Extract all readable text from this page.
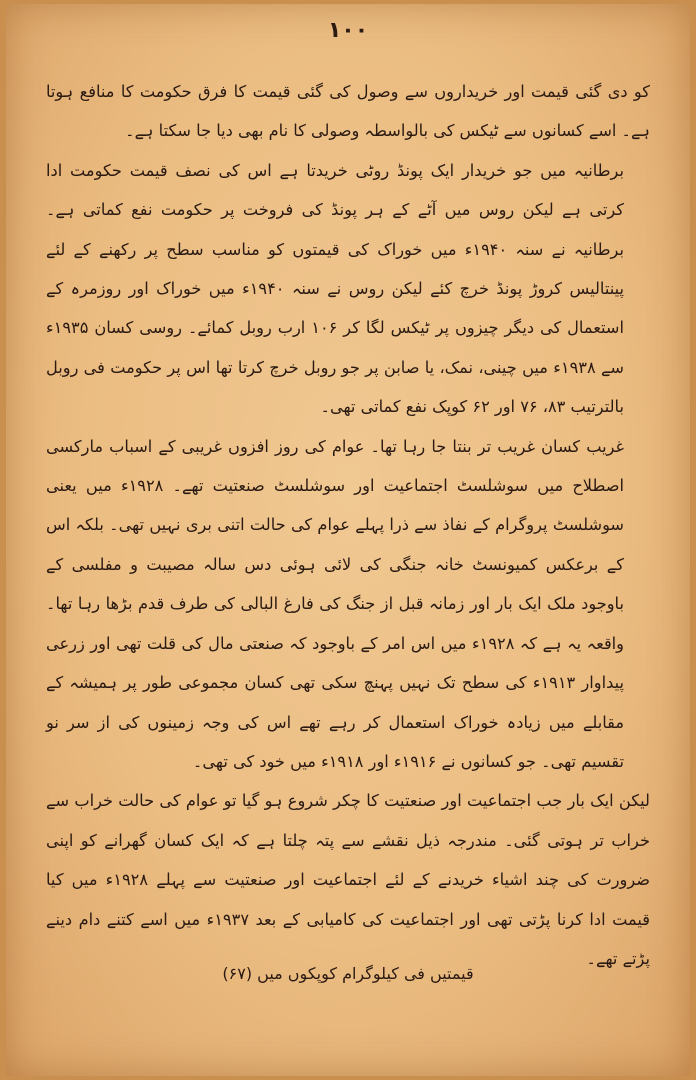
۱۰۰

کو دی گئی قیمت اور خریداروں سے وصول کی گئی قیمت کا فرق حکومت کا منافع ہوتا ہے۔ اسے کسانوں سے ٹیکس کی بالواسطہ وصولی کا نام بھی دیا جا سکتا ہے۔

برطانیہ میں جو خریدار ایک پونڈ روٹی خریدتا ہے اس کی نصف قیمت حکومت ادا کرتی ہے لیکن روس میں آٹے کے ہر پونڈ کی فروخت پر حکومت نفع کماتی ہے۔ برطانیہ نے سنہ ۱۹۴۰ء میں خوراک کی قیمتوں کو مناسب سطح پر رکھنے کے لئے پینتالیس کروڑ پونڈ خرچ کئے لیکن روس نے سنہ ۱۹۴۰ء میں خوراک اور روزمرہ کے استعمال کی دیگر چیزوں پر ٹیکس لگا کر ۱۰۶ ارب روبل کمائے۔ روسی کسان ۱۹۳۵ء سے ۱۹۳۸ء میں چینی، نمک، یا صابن پر جو روبل خرچ کرتا تھا اس پر حکومت فی روبل بالترتیب ۸۳، ۷۶ اور ۶۲ کوپک نفع کماتی تھی۔

غریب کسان غریب تر بنتا جا رہا تھا۔ عوام کی روز افزوں غریبی کے اسباب مارکسی اصطلاح میں سوشلسٹ اجتماعیت اور سوشلسٹ صنعتیت تھے۔ ۱۹۲۸ء میں یعنی سوشلسٹ پروگرام کے نفاذ سے ذرا پہلے عوام کی حالت اتنی بری نہیں تھی۔ بلکہ اس کے برعکس کمیونسٹ خانہ جنگی کی لائی ہوئی دس سالہ مصیبت و مفلسی کے باوجود ملک ایک بار اور زمانہ قبل از جنگ کی فارغ البالی کی طرف قدم بڑھا رہا تھا۔ واقعہ یہ ہے کہ ۱۹۲۸ء میں اس امر کے باوجود کہ صنعتی مال کی قلت تھی اور زرعی پیداوار ۱۹۱۳ء کی سطح تک نہیں پہنچ سکی تھی کسان مجموعی طور پر ہمیشہ کے مقابلے میں زیادہ خوراک استعمال کر رہے تھے اس کی وجہ زمینوں کی از سر نو تقسیم تھی۔ جو کسانوں نے ۱۹۱۶ء اور ۱۹۱۸ء میں خود کی تھی۔

لیکن ایک بار جب اجتماعیت اور صنعتیت کا چکر شروع ہو گیا تو عوام کی حالت خراب سے خراب تر ہوتی گئی۔ مندرجہ ذیل نقشے سے پتہ چلتا ہے کہ ایک کسان گھرانے کو اپنی ضرورت کی چند اشیاء خریدنے کے لئے اجتماعیت اور صنعتیت سے پہلے ۱۹۲۸ء میں کیا قیمت ادا کرنا پڑتی تھی اور اجتماعیت کی کامیابی کے بعد ۱۹۳۷ء میں اسے کتنے دام دینے پڑتے تھے۔

قیمتیں فی کیلوگرام کوپکوں میں (۶۷)
